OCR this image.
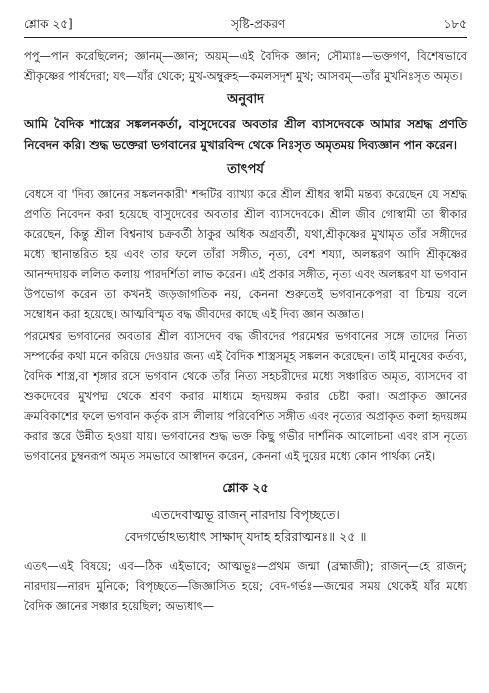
শ্লোক ২৫]	সৃষ্টি-প্রকরণ	১৮৫

পপু—পান করেছিলেন; জ্ঞানম্—জ্ঞান; অয়ম্—এই বৈদিক জ্ঞান; সৌম্যাঃ—ভক্তগণ, বিশেষভাবে শ্রীকৃষ্ণের পার্ষদেরা; যৎ—যাঁর থেকে; মুখ-অম্বুরুহ—কমলসদৃশ মুখ; আসবম্—তাঁর মুখনিঃসৃত অমৃত।

অনুবাদ

আমি বৈদিক শাস্ত্রের সঙ্কলনকর্তা, বাসুদেবের অবতার শ্রীল ব্যাসদেবকে আমার সশ্রদ্ধ প্রণতি নিবেদন করি। শুদ্ধ ভক্তেরা ভগবানের মুখারবিন্দ থেকে নিঃসৃত অমৃতময় দিব্যজ্ঞান পান করেন।

তাৎপর্য

বেধসে বা 'দিব্য জ্ঞানের সঙ্কলনকারী' শব্দটির ব্যাখ্যা করে শ্রীল শ্রীধর স্বামী মন্তব্য করেছেন যে সশ্রদ্ধ প্রণতি নিবেদন করা হয়েছে বাসুদেবের অবতার শ্রীল ব্যাসদেবকে। শ্রীল জীব গোস্বামী তা স্বীকার করেছেন, কিন্তু শ্রীল বিশ্বনাথ চক্রবর্তী ঠাকুর অধিক অগ্রবর্তী, যথা,শ্রীকৃষ্ণের মুখামৃত তাঁর সঙ্গীদের মধ্যে স্থানান্তরিত হয় এবং তার ফলে তাঁরা সঙ্গীত, নৃত্য, বেশ শয্যা, অলঙ্করণ আদি শ্রীকৃষ্ণের আনন্দদায়ক ললিত কলায় পারদর্শিতা লাভ করেন। এই প্রকার সঙ্গীত, নৃত্য এবং অলঙ্করণ যা ভগবান উপভোগ করেন তা কখনই জড়জাগতিক নয়, কেননা শুরুতেই ভগবানকেপরা বা চিন্ময় বলে সম্বোধন করা হয়েছে। আত্মবিস্মৃত বদ্ধ জীবদের কাছে এই দিব্য জ্ঞান অজ্ঞাত।

পরমেশ্বর ভগবানের অবতার শ্রীল ব্যাসদেব বদ্ধ জীবদের পরমেশ্বর ভগবানের সঙ্গে তাদের নিত্য সম্পর্কের কথা মনে করিয়ে দেওয়ার জন্য এই বৈদিক শাস্ত্রসমূহ সঙ্কলন করেছেন। তাই মানুষের কর্তব্য, বৈদিক শাস্ত্র,বা শৃঙ্গার রসে ভগবান থেকে তাঁর নিত্য সহচরীদের মধ্যে সঞ্চারিত অমৃত, ব্যাসদেব বা শুকদেবের মুখপদ্ম থেকে শ্রবণ করার মাধ্যমে হৃদয়ঙ্গম করার চেষ্টা করা। অপ্রাকৃত জ্ঞানের ক্রমবিকাশের ফলে ভগবান কর্তৃক রাস লীলায় পরিবেশিত সঙ্গীত এবং নৃত্যের অপ্রাকৃত কলা হৃদয়ঙ্গম করার স্তরে উন্নীত হওয়া যায়। ভগবানের শুদ্ধ ভক্ত কিছু গভীর দার্শনিক আলোচনা এবং রাস নৃত্যে ভগবানের চুম্বনরূপ অমৃত সমভাবে আস্বাদন করেন, কেননা এই দুয়ের মধ্যে কোন পার্থক্য নেই।

শ্লোক ২৫
এতদেবাত্মভূ রাজন্ নারদায় বিপৃচ্ছতে।
বেদগর্ভোঽভ্যধাৎ সাক্ষাদ্ যদাহ হরিরাত্মনঃ॥ ২৫ ॥

এতৎ—এই বিষয়ে; এব—ঠিক এইভাবে; আত্মভূঃ—প্রথম জন্মা (ব্রহ্মাজী); রাজন্—হে রাজন্; নারদায়—নারদ মুনিকে; বিপৃচ্ছতে—জিজ্ঞাসিত হয়ে; বেদ-গর্ভঃ—জন্মের সময় থেকেই যাঁর মধ্যে বৈদিক জ্ঞানের সঞ্চার হয়েছিল; অভ্যধাৎ—
